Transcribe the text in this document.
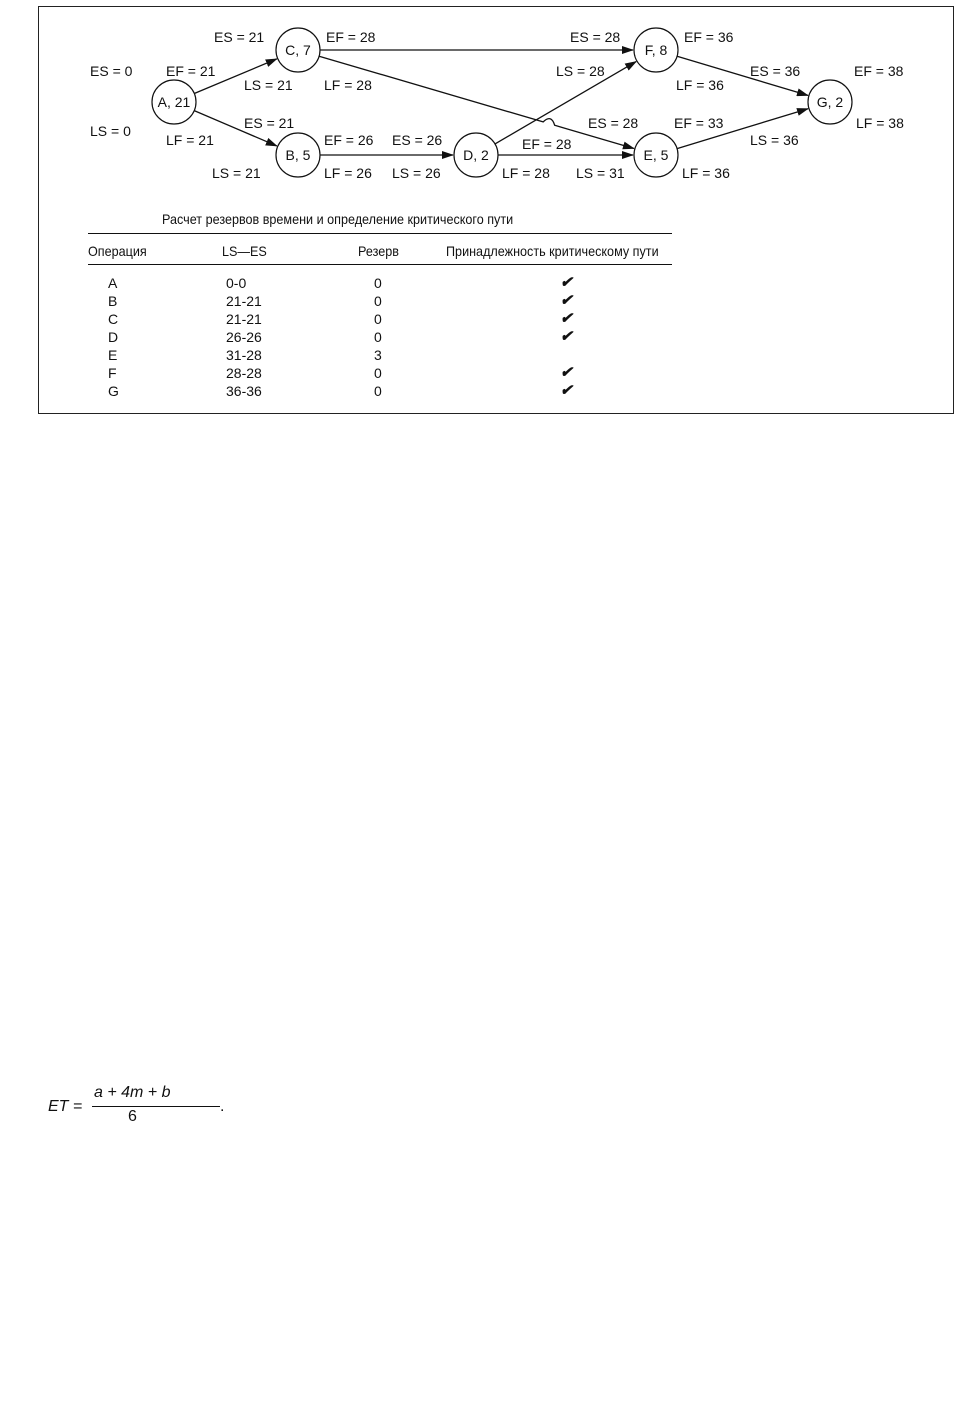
A, 21
B, 5
C, 7
D, 2	E, 5
F, 8
G, 2
ES = 0
LS = 0
EF = 21
LF = 21
ES = 21
LS = 21
EF = 28
LF = 28
ES = 21
LS = 21
EF = 26
LF = 26
ES = 26
LS = 26
EF = 28
LF = 28
ES = 28
LS = 28
EF = 36
LF = 36
ES = 28
LS = 31
EF = 33
LF = 36
ES = 36
LS = 36
EF = 38
LF = 38
Расчет резервов времени и определение критического пути
Операция	LS—ES	Резерв	Принадлежность критическому пути
A	0-0	0	✔
B	21-21	0	✔
C	21-21	0	✔
D	26-26	0	✔
E	31-28	3
F	28-28	0	✔
G	36-36	0	✔
ET =
a + 4m + b
6
.
